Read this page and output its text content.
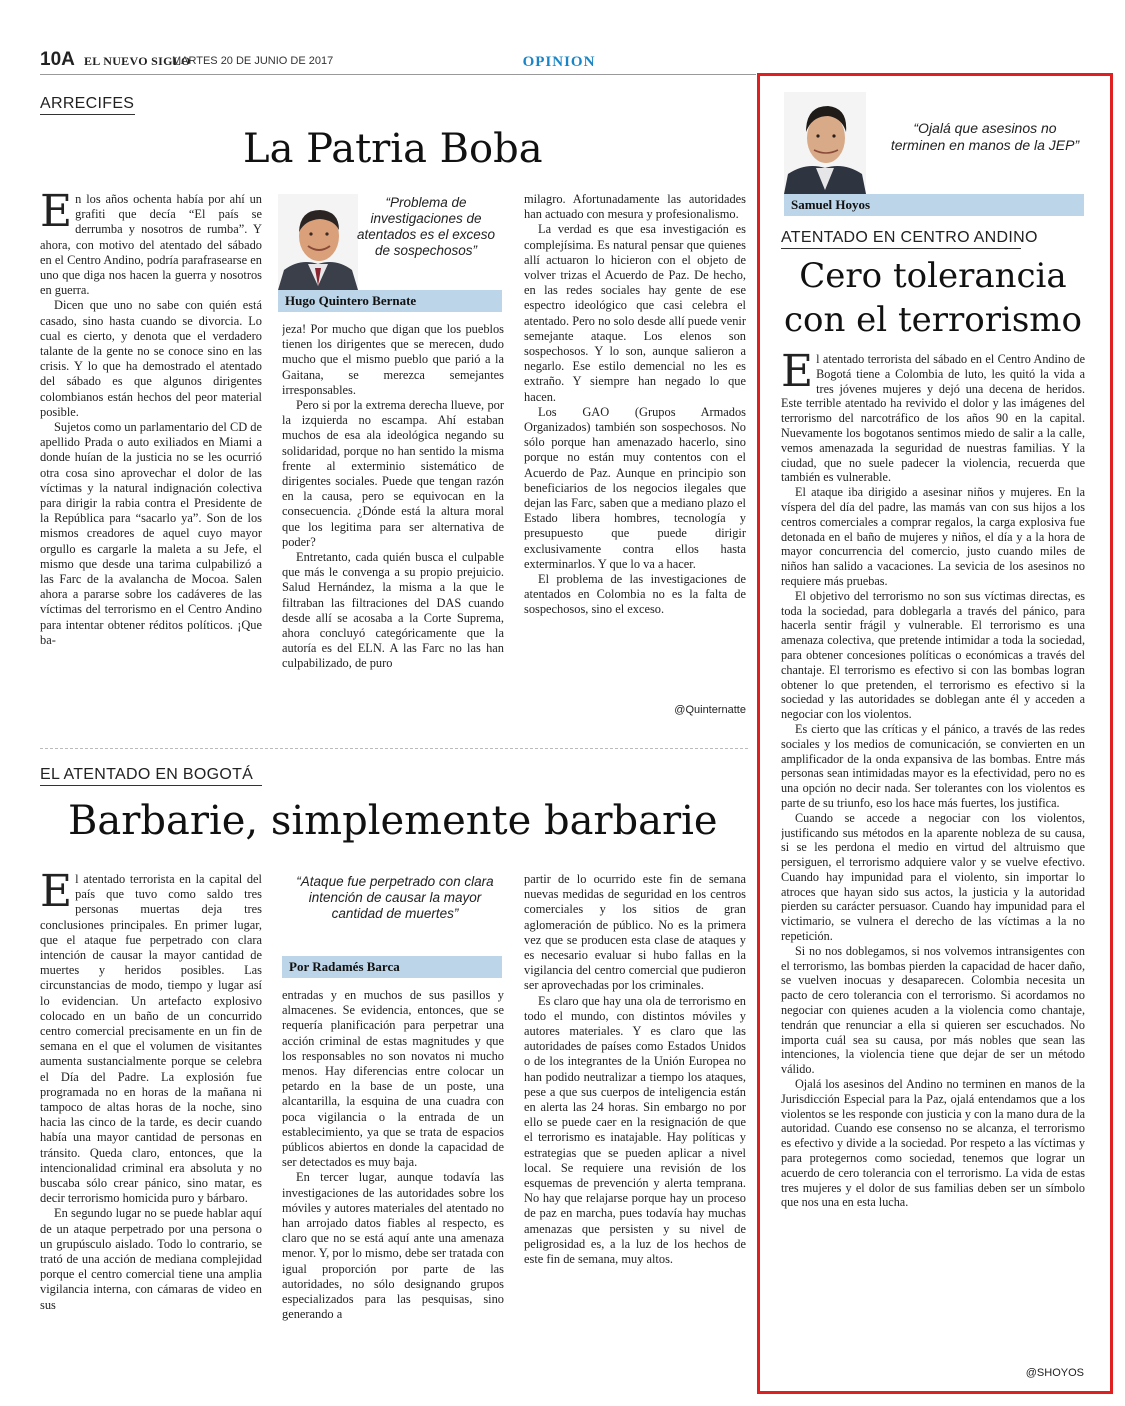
10A EL NUEVO SIGLO
MARTES 20 DE JUNIO DE 2017	OPINION
ARRECIFES
La Patria Boba

En los años ochenta había por ahí un grafiti que decía “El país se derrumba y nosotros de rumba”. Y ahora, con motivo del atentado del sábado en el Centro Andino, podría parafrasearse en uno que diga nos hacen la guerra y nosotros en guerra.

Dicen que uno no sabe con quién está casado, sino hasta cuando se divorcia. Lo cual es cierto, y denota que el verdadero talante de la gente no se conoce sino en las crisis. Y lo que ha demostrado el atentado del sábado es que algunos dirigentes colombianos están hechos del peor material posible.

Sujetos como un parlamentario del CD de apellido Prada o auto exiliados en Miami a donde huían de la justicia no se les ocurrió otra cosa sino aprovechar el dolor de las víctimas y la natural indignación colectiva para dirigir la rabia contra el Presidente de la República para “sacarlo ya”. Son de los mismos creadores de aquel cuyo mayor orgullo es cargarle la maleta a su Jefe, el mismo que desde una tarima culpabilizó a las Farc de la avalancha de Mocoa. Salen ahora a pararse sobre los cadáveres de las víctimas del terrorismo en el Centro Andino para intentar obtener réditos políticos. ¡Que ba-

“Problema de investigaciones de atentados es el exceso de sospechosos”
Hugo Quintero Bernate

jeza! Por mucho que digan que los pueblos tienen los dirigentes que se merecen, dudo mucho que el mismo pueblo que parió a la Gaitana, se merezca semejantes irresponsables.

Pero si por la extrema derecha llueve, por la izquierda no escampa. Ahí estaban muchos de esa ala ideológica negando su solidaridad, porque no han sentido la misma frente al exterminio sistemático de dirigentes sociales. Puede que tengan razón en la causa, pero se equivocan en la consecuencia. ¿Dónde está la altura moral que los legitima para ser alternativa de poder?

Entretanto, cada quién busca el culpable que más le convenga a su propio prejuicio. Salud Hernández, la misma a la que le filtraban las filtraciones del DAS cuando desde allí se acosaba a la Corte Suprema, ahora concluyó categóricamente que la autoría es del ELN. A las Farc no las han culpabilizado, de puro

milagro. Afortunadamente las autoridades han actuado con mesura y profesionalismo.

La verdad es que esa investigación es complejísima. Es natural pensar que quienes allí actuaron lo hicieron con el objeto de volver trizas el Acuerdo de Paz. De hecho, en las redes sociales hay gente de ese espectro ideológico que casi celebra el atentado. Pero no solo desde allí puede venir semejante ataque. Los elenos son sospechosos. Y lo son, aunque salieron a negarlo. Ese estilo demencial no les es extraño. Y siempre han negado lo que hacen.

Los GAO (Grupos Armados Organizados) también son sospechosos. No sólo porque han amenazado hacerlo, sino porque no están muy contentos con el Acuerdo de Paz. Aunque en principio son beneficiarios de los negocios ilegales que dejan las Farc, saben que a mediano plazo el Estado libera hombres, tecnología y presupuesto que puede dirigir exclusivamente contra ellos hasta exterminarlos. Y que lo va a hacer.

El problema de las investigaciones de atentados en Colombia no es la falta de sospechosos, sino el exceso.

@Quinternatte
EL ATENTADO EN BOGOTÁ
Barbarie, simplemente barbarie

El atentado terrorista en la capital del país que tuvo como saldo tres personas muertas deja tres conclusiones principales. En primer lugar, que el ataque fue perpetrado con clara intención de causar la mayor cantidad de muertes y heridos posibles. Las circunstancias de modo, tiempo y lugar así lo evidencian. Un artefacto explosivo colocado en un baño de un concurrido centro comercial precisamente en un fin de semana en el que el volumen de visitantes aumenta sustancialmente porque se celebra el Día del Padre. La explosión fue programada no en horas de la mañana ni tampoco de altas horas de la noche, sino hacia las cinco de la tarde, es decir cuando había una mayor cantidad de personas en tránsito. Queda claro, entonces, que la intencionalidad criminal era absoluta y no buscaba sólo crear pánico, sino matar, es decir terrorismo homicida puro y bárbaro.

En segundo lugar no se puede hablar aquí de un ataque perpetrado por una persona o un grupúsculo aislado. Todo lo contrario, se trató de una acción de mediana complejidad porque el centro comercial tiene una amplia vigilancia interna, con cámaras de video en sus

“Ataque fue perpetrado con clara intención de causar la mayor cantidad de muertes”
Por Radamés Barca

entradas y en muchos de sus pasillos y almacenes. Se evidencia, entonces, que se requería planificación para perpetrar una acción criminal de estas magnitudes y que los responsables no son novatos ni mucho menos. Hay diferencias entre colocar un petardo en la base de un poste, una alcantarilla, la esquina de una cuadra con poca vigilancia o la entrada de un establecimiento, ya que se trata de espacios públicos abiertos en donde la capacidad de ser detectados es muy baja.

En tercer lugar, aunque todavía las investigaciones de las autoridades sobre los móviles y autores materiales del atentado no han arrojado datos fiables al respecto, es claro que no se está aquí ante una amenaza menor. Y, por lo mismo, debe ser tratada con igual proporción por parte de las autoridades, no sólo designando grupos especializados para las pesquisas, sino generando a

partir de lo ocurrido este fin de semana nuevas medidas de seguridad en los centros comerciales y los sitios de gran aglomeración de público. No es la primera vez que se producen esta clase de ataques y es necesario evaluar si hubo fallas en la vigilancia del centro comercial que pudieron ser aprovechadas por los criminales.

Es claro que hay una ola de terrorismo en todo el mundo, con distintos móviles y autores materiales. Y es claro que las autoridades de países como Estados Unidos o de los integrantes de la Unión Europea no han podido neutralizar a tiempo los ataques, pese a que sus cuerpos de inteligencia están en alerta las 24 horas. Sin embargo no por ello se puede caer en la resignación de que el terrorismo es inatajable. Hay políticas y estrategias que se pueden aplicar a nivel local. Se requiere una revisión de los esquemas de prevención y alerta temprana. No hay que relajarse porque hay un proceso de paz en marcha, pues todavía hay muchas amenazas que persisten y su nivel de peligrosidad es, a la luz de los hechos de este fin de semana, muy altos.

“Ojalá que asesinos no terminen en manos de la JEP”
Samuel Hoyos
ATENTADO EN CENTRO ANDINO
Cero tolerancia
con el terrorismo

El atentado terrorista del sábado en el Centro Andino de Bogotá tiene a Colombia de luto, les quitó la vida a tres jóvenes mujeres y dejó una decena de heridos. Este terrible atentado ha revivido el dolor y las imágenes del terrorismo del narcotráfico de los años 90 en la capital. Nuevamente los bogotanos sentimos miedo de salir a la calle, vemos amenazada la seguridad de nuestras familias. Y la ciudad, que no suele padecer la violencia, recuerda que también es vulnerable.

El ataque iba dirigido a asesinar niños y mujeres. En la víspera del día del padre, las mamás van con sus hijos a los centros comerciales a comprar regalos, la carga explosiva fue detonada en el baño de mujeres y niños, el día y a la hora de mayor concurrencia del comercio, justo cuando miles de niños han salido a vacaciones. La sevicia de los asesinos no requiere más pruebas.

El objetivo del terrorismo no son sus víctimas directas, es toda la sociedad, para doblegarla a través del pánico, para hacerla sentir frágil y vulnerable. El terrorismo es una amenaza colectiva, que pretende intimidar a toda la sociedad, para obtener concesiones políticas o económicas a través del chantaje. El terrorismo es efectivo si con las bombas logran obtener lo que pretenden, el terrorismo es efectivo si la sociedad y las autoridades se doblegan ante él y acceden a negociar con los violentos.

Es cierto que las críticas y el pánico, a través de las redes sociales y los medios de comunicación, se convierten en un amplificador de la onda expansiva de las bombas. Entre más personas sean intimidadas mayor es la efectividad, pero no es una opción no decir nada. Ser tolerantes con los violentos es parte de su triunfo, eso los hace más fuertes, los justifica.

Cuando se accede a negociar con los violentos, justificando sus métodos en la aparente nobleza de su causa, si se les perdona el medio en virtud del altruismo que persiguen, el terrorismo adquiere valor y se vuelve efectivo. Cuando hay impunidad para el violento, sin importar lo atroces que hayan sido sus actos, la justicia y la autoridad pierden su carácter persuasor. Cuando hay impunidad para el victimario, se vulnera el derecho de las víctimas a la no repetición.

Si no nos doblegamos, si nos volvemos intransigentes con el terrorismo, las bombas pierden la capacidad de hacer daño, se vuelven inocuas y desaparecen. Colombia necesita un pacto de cero tolerancia con el terrorismo. Si acordamos no negociar con quienes acuden a la violencia como chantaje, tendrán que renunciar a ella si quieren ser escuchados. No importa cuál sea su causa, por más nobles que sean las intenciones, la violencia tiene que dejar de ser un método válido.

Ojalá los asesinos del Andino no terminen en manos de la Jurisdicción Especial para la Paz, ojalá entendamos que a los violentos se les responde con justicia y con la mano dura de la autoridad. Cuando ese consenso no se alcanza, el terrorismo es efectivo y divide a la sociedad. Por respeto a las víctimas y para protegernos como sociedad, tenemos que lograr un acuerdo de cero tolerancia con el terrorismo. La vida de estas tres mujeres y el dolor de sus familias deben ser un símbolo que nos una en esta lucha.

@SHOYOS
